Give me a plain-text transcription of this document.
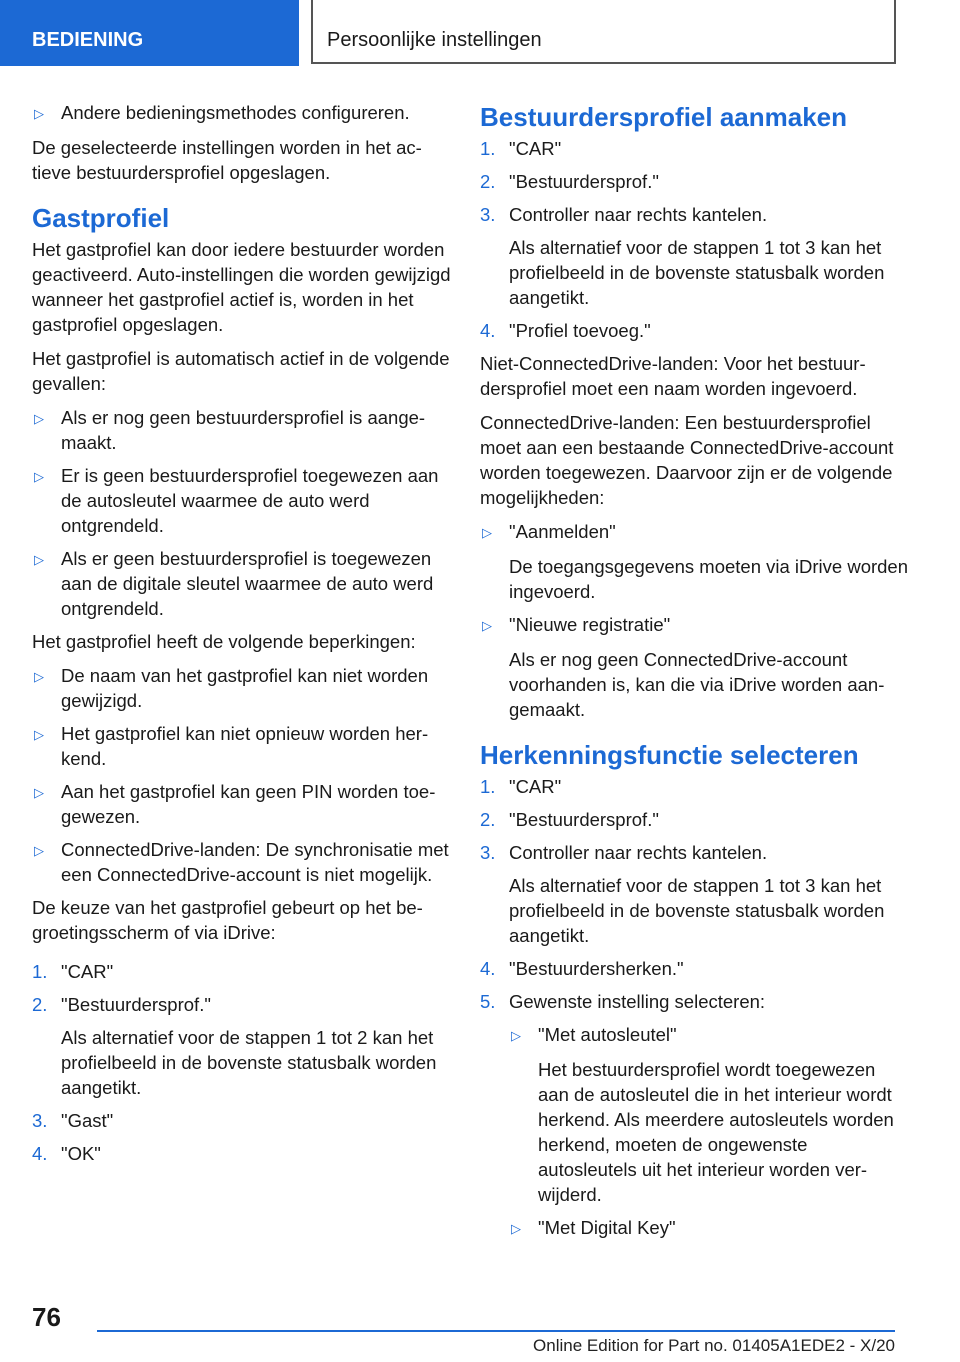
BEDIENING	Persoonlijke instellingen
▷ Andere bedieningsmethodes configureren.

De geselecteerde instellingen worden in het actieve bestuurdersprofiel opgeslagen.

Gastprofiel

Het gastprofiel kan door iedere bestuurder worden geactiveerd. Auto-instellingen die worden gewijzigd wanneer het gastprofiel actief is, worden in het gastprofiel opgeslagen.

Het gastprofiel is automatisch actief in de volgende gevallen:

▷ Als er nog geen bestuurdersprofiel is aangemaakt.
▷ Er is geen bestuurdersprofiel toegewezen aan de autosleutel waarmee de auto werd ontgrendeld.
▷ Als er geen bestuurdersprofiel is toegewezen aan de digitale sleutel waarmee de auto werd ontgrendeld.

Het gastprofiel heeft de volgende beperkingen:

▷ De naam van het gastprofiel kan niet worden gewijzigd.
▷ Het gastprofiel kan niet opnieuw worden herkend.
▷ Aan het gastprofiel kan geen PIN worden toegewezen.
▷ ConnectedDrive-landen: De synchronisatie met een ConnectedDrive-account is niet mogelijk.

De keuze van het gastprofiel gebeurt op het begroetingsscherm of via iDrive:

1. "CAR"
2. "Bestuurdersprof."
Als alternatief voor de stappen 1 tot 2 kan het profielbeeld in de bovenste statusbalk worden aangetikt.
3. "Gast"
4. "OK"
Bestuurdersprofiel aanmaken
1. "CAR"
2. "Bestuurdersprof."
3. Controller naar rechts kantelen.
Als alternatief voor de stappen 1 tot 3 kan het profielbeeld in de bovenste statusbalk worden aangetikt.
4. "Profiel toevoeg."

Niet-ConnectedDrive-landen: Voor het bestuurdersprofiel moet een naam worden ingevoerd.

ConnectedDrive-landen: Een bestuurdersprofiel moet aan een bestaande ConnectedDrive-account worden toegewezen. Daarvoor zijn er de volgende mogelijkheden:

▷ "Aanmelden"
De toegangsgegevens moeten via iDrive worden ingevoerd.
▷ "Nieuwe registratie"
Als er nog geen ConnectedDrive-account voorhanden is, kan die via iDrive worden aangemaakt.
Herkenningsfunctie selecteren
1. "CAR"
2. "Bestuurdersprof."
3. Controller naar rechts kantelen.
Als alternatief voor de stappen 1 tot 3 kan het profielbeeld in de bovenste statusbalk worden aangetikt.
4. "Bestuurdersherken."
5. Gewenste instelling selecteren:
▷ "Met autosleutel"
Het bestuurdersprofiel wordt toegewezen aan de autosleutel die in het interieur wordt herkend. Als meerdere autosleutels worden herkend, moeten de ongewenste autosleutels uit het interieur worden verwijderd.
▷ "Met Digital Key"
76
Online Edition for Part no. 01405A1EDE2 - X/20
